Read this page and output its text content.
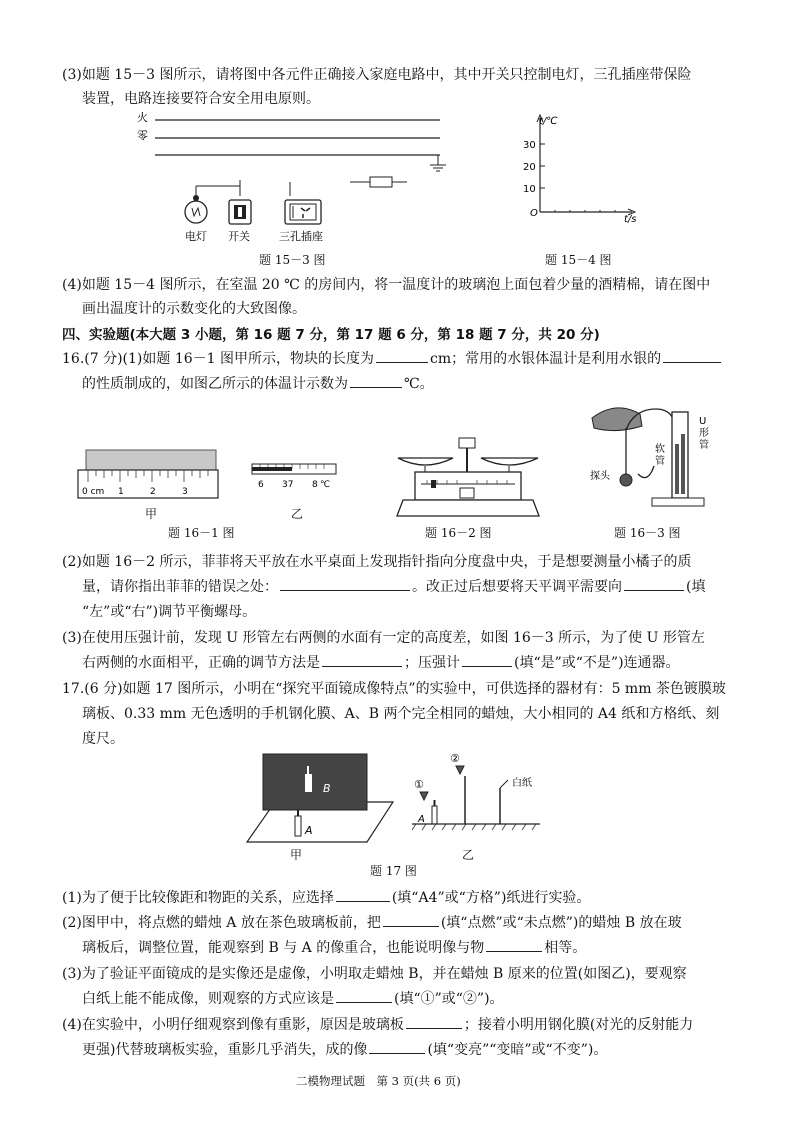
(3)如题 15－3 图所示，请将图中各元件正确接入家庭电路中，其中开关只控制电灯，三孔插座带保险
装置，电路连接要符合安全用电原则。
火
零
电灯 开关	三孔插座
题 15－3 图
30
20
10
O
t/℃
t/s
题 15－4 图
(4)如题 15－4 图所示，在室温 20 ℃ 的房间内，将一温度计的玻璃泡上面包着少量的酒精棉，请在图中
画出温度计的示数变化的大致图像。
四、实验题(本大题 3 小题，第 16 题 7 分，第 17 题 6 分，第 18 题 7 分，共 20 分)
16.(7 分)(1)如题 16－1 图甲所示，物块的长度为	cm；常用的水银体温计是利用水银的
的性质制成的，如图乙所示的体温计示数为	℃。
0 cm 1	2	3
甲
6 37 8 ℃
乙
题 16－1 图	题 16－2 图
U 形 管
软 管
探头
题 16－3 图
(2)如题 16－2 所示，菲菲将天平放在水平桌面上发现指针指向分度盘中央，于是想要测量小橘子的质
量，请你指出菲菲的错误之处：	。改正过后想要将天平调平需要向	(填
“左”或“右”)调节平衡螺母。
(3)在使用压强计前，发现 U 形管左右两侧的水面有一定的高度差，如图 16－3 所示，为了使 U 形管左
右两侧的水面相平，正确的调节方法是	；压强计	(填“是”或“不是”)连通器。
17.(6 分)如题 17 图所示，小明在“探究平面镜成像特点”的实验中，可供选择的器材有：5 mm 茶色镀膜玻
璃板、0.33 mm 无色透明的手机钢化膜、A、B 两个完全相同的蜡烛，大小相同的 A4 纸和方格纸、刻
度尺。
B
A
甲
②
①
A
白纸
乙
题 17 图
(1)为了便于比较像距和物距的关系，应选择	(填“A4”或“方格”)纸进行实验。
(2)图甲中，将点燃的蜡烛 A 放在茶色玻璃板前，把	(填“点燃”或“未点燃”)的蜡烛 B 放在玻
璃板后，调整位置，能观察到 B 与 A 的像重合，也能说明像与物	相等。
(3)为了验证平面镜成的是实像还是虚像，小明取走蜡烛 B，并在蜡烛 B 原来的位置(如图乙)，要观察
白纸上能不能成像，则观察的方式应该是	(填“①”或“②”)。
(4)在实验中，小明仔细观察到像有重影，原因是玻璃板	；接着小明用钢化膜(对光的反射能力
更强)代替玻璃板实验，重影几乎消失，成的像	(填“变亮”“变暗”或“不变”)。
二模物理试题　第 3 页(共 6 页)
